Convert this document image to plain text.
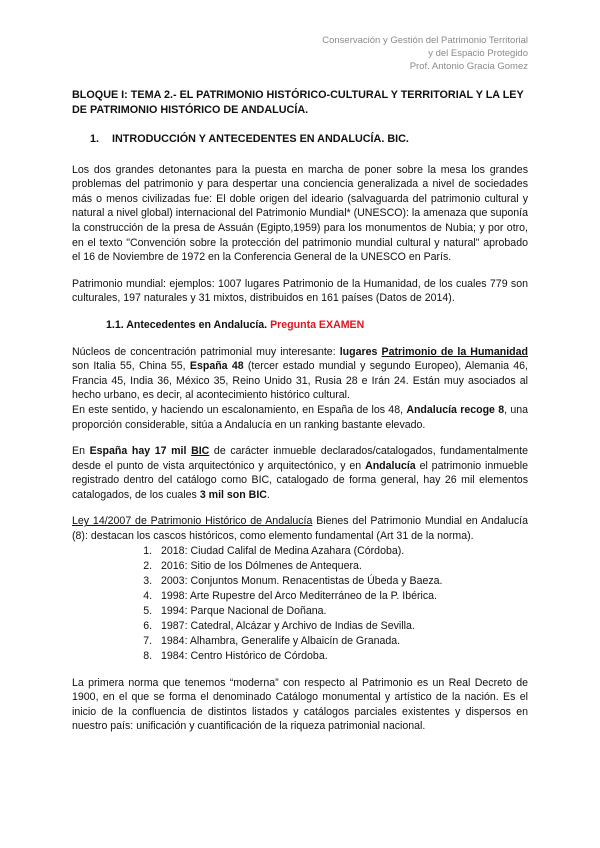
Conservación y Gestión del Patrimonio Territorial
y del Espacio Protegido
Prof. Antonio Gracia Gomez
BLOQUE I: TEMA 2.- EL PATRIMONIO HISTÓRICO-CULTURAL Y TERRITORIAL Y LA LEY DE PATRIMONIO HISTÓRICO DE ANDALUCÍA.
1. INTRODUCCIÓN Y ANTECEDENTES EN ANDALUCÍA. BIC.

Los dos grandes detonantes para la puesta en marcha de poner sobre la mesa los grandes problemas del patrimonio y para despertar una conciencia generalizada a nivel de sociedades más o menos civilizadas fue: El doble origen del ideario (salvaguarda del patrimonio cultural y natural a nivel global) internacional del Patrimonio Mundial* (UNESCO): la amenaza que suponía la construcción de la presa de Assuán (Egipto,1959) para los monumentos de Nubia; y por otro, en el texto "Convención sobre la protección del patrimonio mundial cultural y natural" aprobado el 16 de Noviembre de 1972 en la Conferencia General de la UNESCO en París.

Patrimonio mundial: ejemplos: 1007 lugares Patrimonio de la Humanidad, de los cuales 779 son culturales, 197 naturales y 31 mixtos, distribuidos en 161 países (Datos de 2014).

1.1. Antecedentes en Andalucía. Pregunta EXAMEN

Núcleos de concentración patrimonial muy interesante: lugares Patrimonio de la Humanidad son Italia 55, China 55, España 48 (tercer estado mundial y segundo Europeo), Alemania 46, Francia 45, India 36, México 35, Reino Unido 31, Rusia 28 e Irán 24. Están muy asociados al hecho urbano, es decir, al acontecimiento histórico cultural.

En este sentido, y haciendo un escalonamiento, en España de los 48, Andalucía recoge 8, una proporción considerable, sitúa a Andalucía en un ranking bastante elevado.

En España hay 17 mil BIC de carácter inmueble declarados/catalogados, fundamentalmente desde el punto de vista arquitectónico y arquitectónico, y en Andalucía el patrimonio inmueble registrado dentro del catálogo como BIC, catalogado de forma general, hay 26 mil elementos catalogados, de los cuales 3 mil son BIC.

Ley 14/2007 de Patrimonio Histórico de Andalucía Bienes del Patrimonio Mundial en Andalucía (8): destacan los cascos históricos, como elemento fundamental (Art 31 de la norma).

1. 2018: Ciudad Califal de Medina Azahara (Córdoba).
2. 2016: Sitio de los Dólmenes de Antequera.
3. 2003: Conjuntos Monum. Renacentistas de Úbeda y Baeza.
4. 1998: Arte Rupestre del Arco Mediterráneo de la P. Ibérica.
5. 1994: Parque Nacional de Doñana.
6. 1987: Catedral, Alcázar y Archivo de Indias de Sevilla.
7. 1984: Alhambra, Generalife y Albaicín de Granada.
8. 1984: Centro Histórico de Córdoba.

La primera norma que tenemos “moderna” con respecto al Patrimonio es un Real Decreto de 1900, en el que se forma el denominado Catálogo monumental y artístico de la nación. Es el inicio de la confluencia de distintos listados y catálogos parciales existentes y dispersos en nuestro país: unificación y cuantificación de la riqueza patrimonial nacional.
